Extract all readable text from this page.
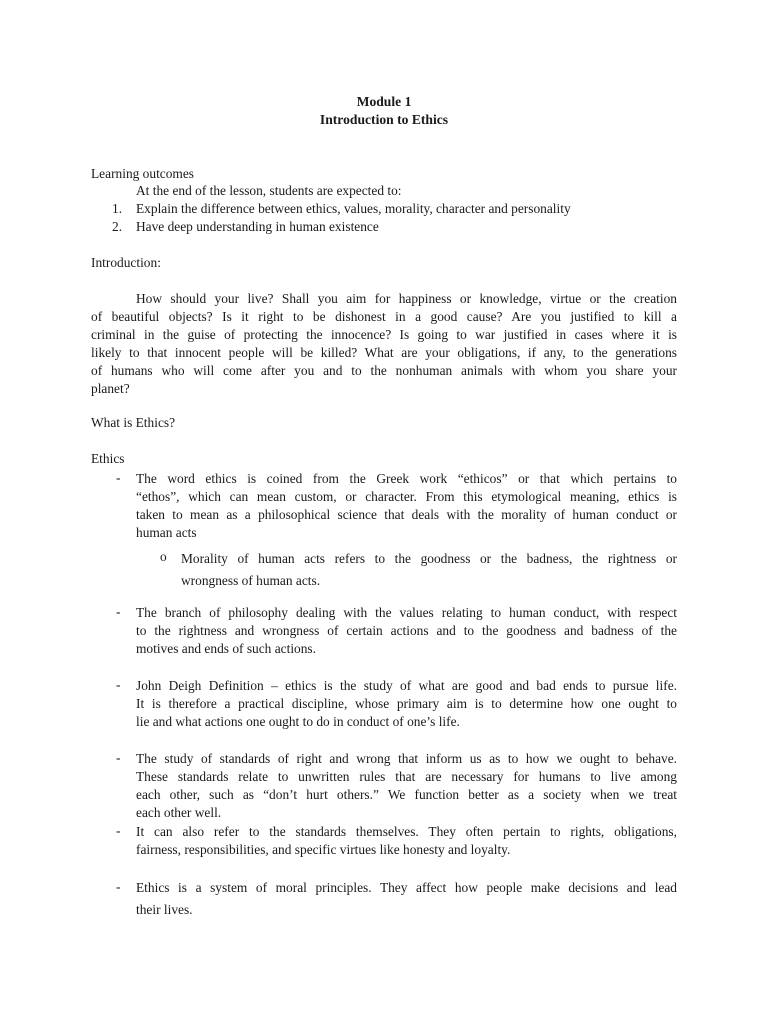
Module 1
Introduction to Ethics
Learning outcomes
At the end of the lesson, students are expected to:
1. Explain the difference between ethics, values, morality, character and personality
2. Have deep understanding in human existence
Introduction:
How should your live? Shall you aim for happiness or knowledge, virtue or the creation
of beautiful objects? Is it right to be dishonest in a good cause? Are you justified to kill a
criminal in the guise of protecting the innocence? Is going to war justified in cases where it is
likely to that innocent people will be killed? What are your obligations, if any, to the generations
of humans who will come after you and to the nonhuman animals with whom you share your
planet?
What is Ethics?
Ethics
- The word ethics is coined from the Greek work “ethicos” or that which pertains to
“ethos”, which can mean custom, or character. From this etymological meaning, ethics is
taken to mean as a philosophical science that deals with the morality of human conduct or
human acts
o Morality of human acts refers to the goodness or the badness, the rightness or
wrongness of human acts.
- The branch of philosophy dealing with the values relating to human conduct, with respect
to the rightness and wrongness of certain actions and to the goodness and badness of the
motives and ends of such actions.
- John Deigh Definition – ethics is the study of what are good and bad ends to pursue life.
It is therefore a practical discipline, whose primary aim is to determine how one ought to
lie and what actions one ought to do in conduct of one’s life.
- The study of standards of right and wrong that inform us as to how we ought to behave.
These standards relate to unwritten rules that are necessary for humans to live among
each other, such as “don’t hurt others.” We function better as a society when we treat
each other well.
- It can also refer to the standards themselves. They often pertain to rights, obligations,
fairness, responsibilities, and specific virtues like honesty and loyalty.
- Ethics is a system of moral principles. They affect how people make decisions and lead
their lives.
